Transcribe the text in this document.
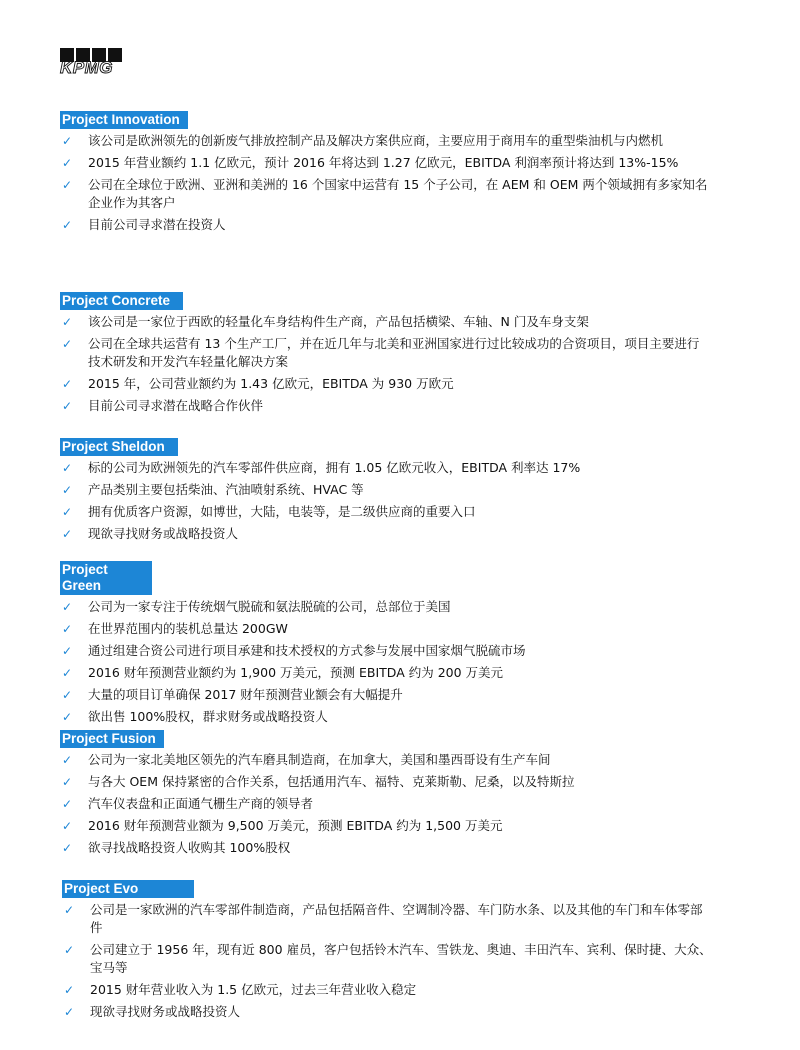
KPMG
Project Innovation
✓ 该公司是欧洲领先的创新废气排放控制产品及解决方案供应商，主要应用于商用车的重型柴油机与内燃机
✓ 2015 年营业额约 1.1 亿欧元，预计 2016 年将达到 1.27 亿欧元，EBITDA 利润率预计将达到 13%-15%
✓ 公司在全球位于欧洲、亚洲和美洲的 16 个国家中运营有 15 个子公司，在 AEM 和 OEM 两个领域拥有多家知名企业作为其客户
✓ 目前公司寻求潜在投资人
Project Concrete
✓ 该公司是一家位于西欧的轻量化车身结构件生产商，产品包括横梁、车轴、N 门及车身支架
✓ 公司在全球共运营有 13 个生产工厂，并在近几年与北美和亚洲国家进行过比较成功的合资项目，项目主要进行技术研发和开发汽车轻量化解决方案
✓ 2015 年，公司营业额约为 1.43 亿欧元，EBITDA 为 930 万欧元
✓ 目前公司寻求潜在战略合作伙伴
Project Sheldon
✓ 标的公司为欧洲领先的汽车零部件供应商，拥有 1.05 亿欧元收入，EBITDA 利率达 17%
✓ 产品类别主要包括柴油、汽油喷射系统、HVAC 等
✓ 拥有优质客户资源，如博世，大陆，电装等，是二级供应商的重要入口
✓ 现欲寻找财务或战略投资人
Project Green
✓ 公司为一家专注于传统烟气脱硫和氨法脱硫的公司，总部位于美国
✓ 在世界范围内的装机总量达 200GW
✓ 通过组建合资公司进行项目承建和技术授权的方式参与发展中国家烟气脱硫市场
✓ 2016 财年预测营业额约为 1,900 万美元，预测 EBITDA 约为 200 万美元
✓ 大量的项目订单确保 2017 财年预测营业额会有大幅提升
✓ 欲出售 100%股权，群求财务或战略投资人
Project Fusion
✓ 公司为一家北美地区领先的汽车磨具制造商，在加拿大，美国和墨西哥设有生产车间
✓ 与各大 OEM 保持紧密的合作关系，包括通用汽车、福特、克莱斯勒、尼桑，以及特斯拉
✓ 汽车仪表盘和正面通气栅生产商的领导者
✓ 2016 财年预测营业额为 9,500 万美元，预测 EBITDA 约为 1,500 万美元
✓ 欲寻找战略投资人收购其 100%股权
Project Evo
✓ 公司是一家欧洲的汽车零部件制造商，产品包括隔音件、空调制冷器、车门防水条、以及其他的车门和车体零部件
✓ 公司建立于 1956 年，现有近 800 雇员，客户包括铃木汽车、雪铁龙、奥迪、丰田汽车、宾利、保时捷、大众、宝马等
✓ 2015 财年营业收入为 1.5 亿欧元，过去三年营业收入稳定
✓ 现欲寻找财务或战略投资人
